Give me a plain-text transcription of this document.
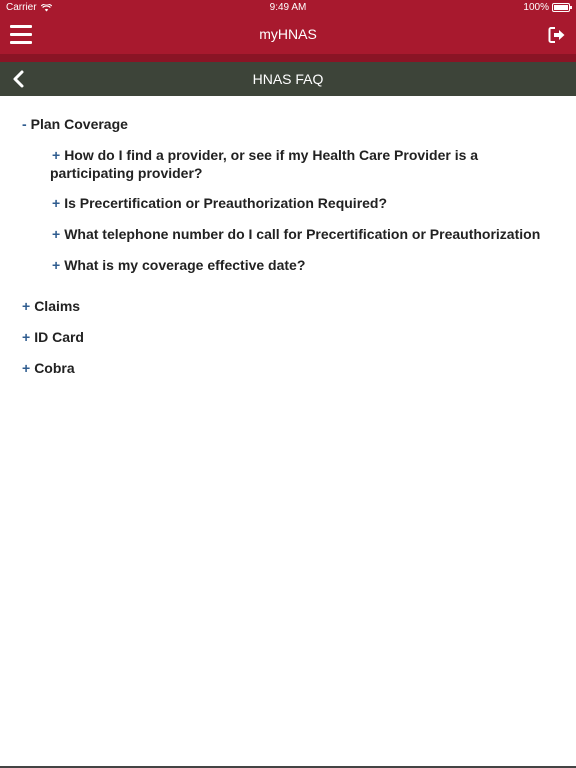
Carrier	9:49 AM	100%
myHNAS
HNAS FAQ
- Plan Coverage
+ How do I find a provider, or see if my Health Care Provider is a participating provider?
+ Is Precertification or Preauthorization Required?
+ What telephone number do I call for Precertification or Preauthorization
+ What is my coverage effective date?
+ Claims
+ ID Card
+ Cobra
